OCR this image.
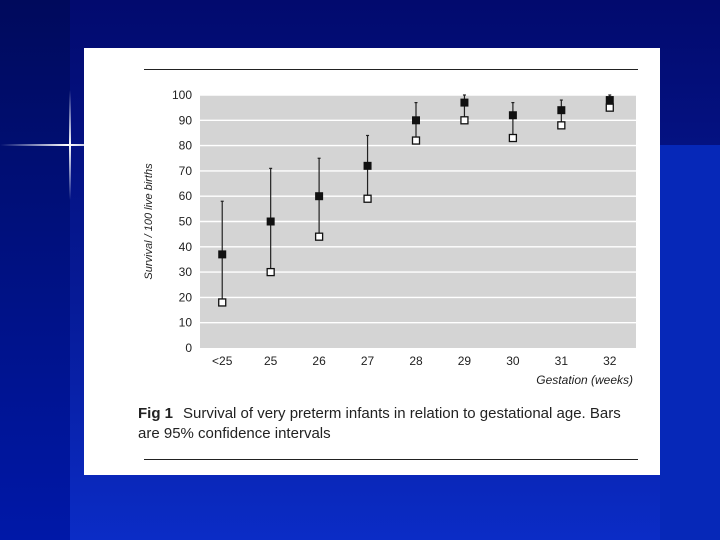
0
10
20
30
40
50
60
70
80
90
100
<25	25	26	27	28	29	30	31	32
Survival / 100 live births
Gestation (weeks)
Fig 1 Survival of very preterm infants in relation to gestational age. Bars are 95% confidence intervals
